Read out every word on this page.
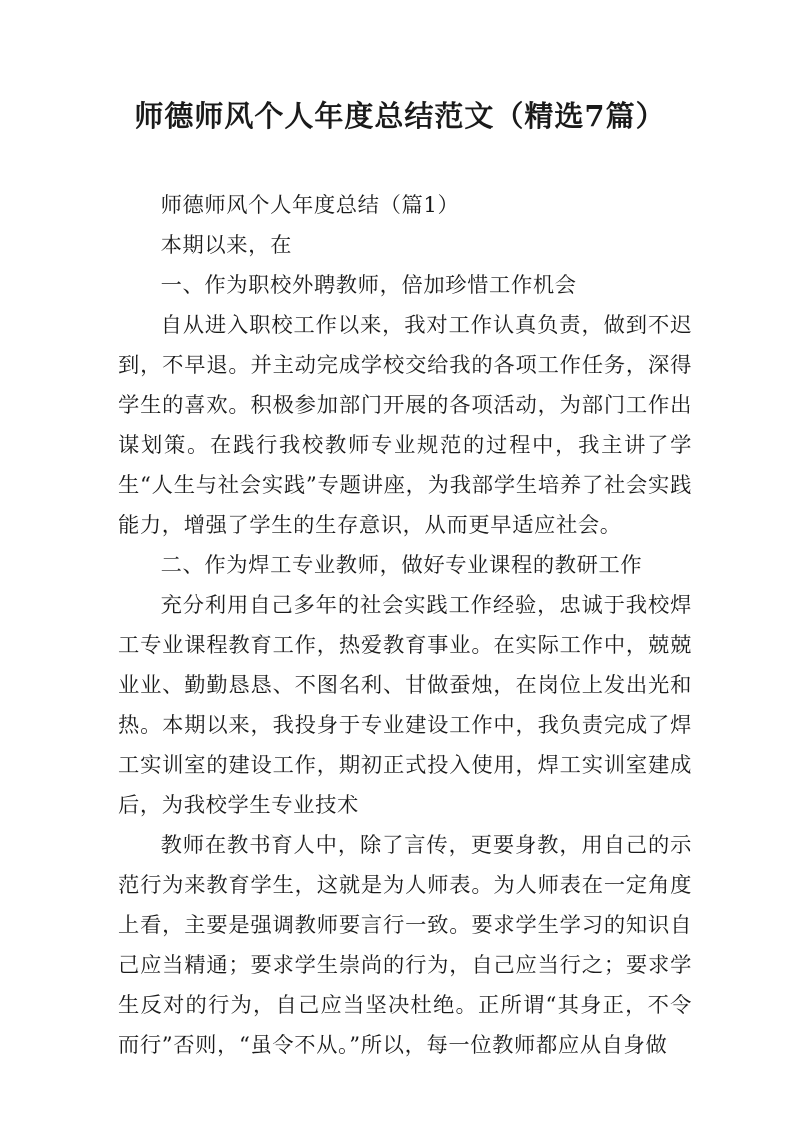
师德师风个人年度总结范文（精选7篇）

师德师风个人年度总结（篇1）

本期以来，在

一、作为职校外聘教师，倍加珍惜工作机会

自从进入职校工作以来，我对工作认真负责，做到不迟到，不早退。并主动完成学校交给我的各项工作任务，深得学生的喜欢。积极参加部门开展的各项活动，为部门工作出谋划策。在践行我校教师专业规范的过程中，我主讲了学生“人生与社会实践”专题讲座，为我部学生培养了社会实践能力，增强了学生的生存意识，从而更早适应社会。

二、作为焊工专业教师，做好专业课程的教研工作

充分利用自己多年的社会实践工作经验，忠诚于我校焊工专业课程教育工作，热爱教育事业。在实际工作中，兢兢业业、勤勤恳恳、不图名利、甘做蚕烛，在岗位上发出光和热。本期以来，我投身于专业建设工作中，我负责完成了焊工实训室的建设工作，期初正式投入使用，焊工实训室建成后，为我校学生专业技术

教师在教书育人中，除了言传，更要身教，用自己的示范行为来教育学生，这就是为人师表。为人师表在一定角度上看，主要是强调教师要言行一致。要求学生学习的知识自己应当精通；要求学生崇尚的行为，自己应当行之；要求学生反对的行为，自己应当坚决杜绝。正所谓“其身正，不令而行”否则，“虽令不从。”所以，每一位教师都应从自身做
